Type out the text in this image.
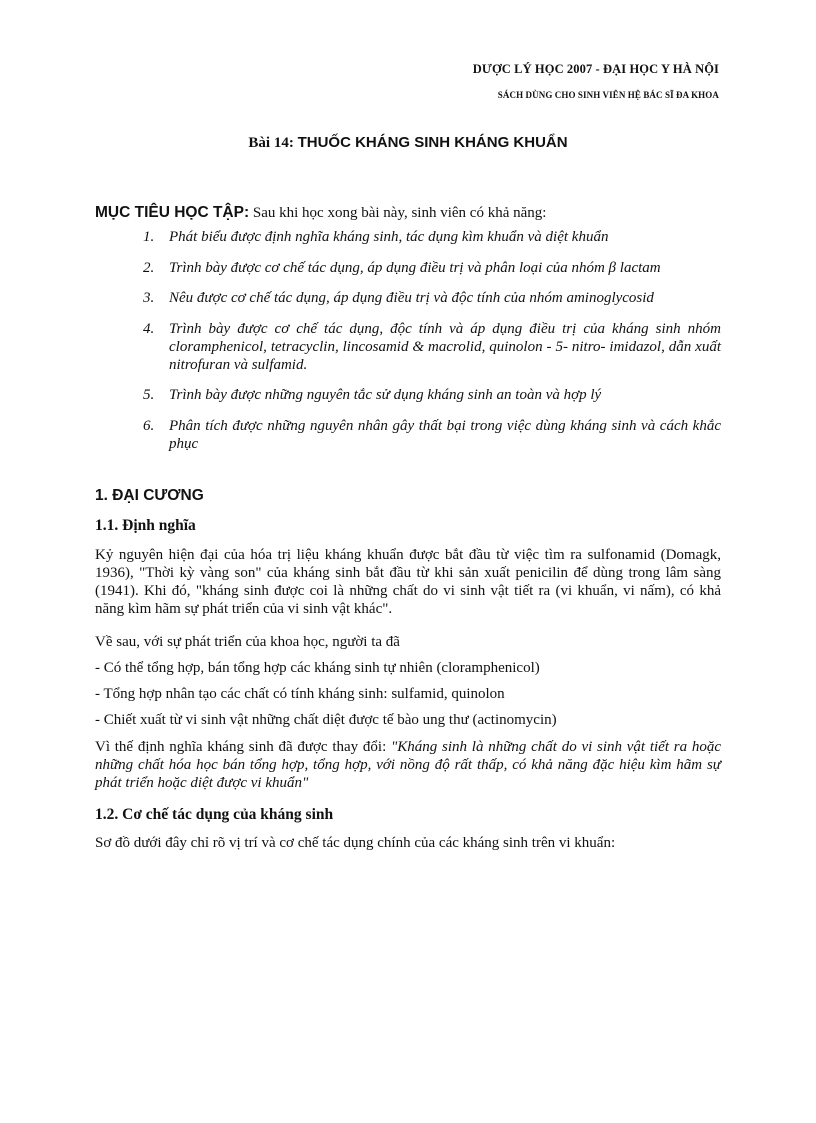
DƯỢC LÝ HỌC 2007 - ĐẠI HỌC Y HÀ NỘI
SÁCH DÙNG CHO SINH VIÊN HỆ BÁC SĨ ĐA KHOA
Bài 14: THUỐC KHÁNG SINH KHÁNG KHUẨN
MỤC TIÊU HỌC TẬP: Sau khi học xong bài này, sinh viên có khả năng:
1. Phát biểu được định nghĩa kháng sinh, tác dụng kìm khuẩn và diệt khuẩn
2. Trình bày được cơ chế tác dụng, áp dụng điều trị và phân loại của nhóm β lactam
3. Nêu được cơ chế tác dụng, áp dụng điều trị và độc tính của nhóm aminoglycosid
4. Trình bày được cơ chế tác dụng, độc tính và áp dụng điều trị của kháng sinh nhóm cloramphenicol, tetracyclin, lincosamid & macrolid, quinolon - 5- nitro- imidazol, dẫn xuất nitrofuran và sulfamid.
5. Trình bày được những nguyên tắc sử dụng kháng sinh an toàn và hợp lý
6. Phân tích được những nguyên nhân gây thất bại trong việc dùng kháng sinh và cách khắc phục
1. ĐẠI CƯƠNG
1.1. Định nghĩa
Kỷ nguyên hiện đại của hóa trị liệu kháng khuẩn được bắt đầu từ việc tìm ra sulfonamid (Domagk, 1936), "Thời kỳ vàng son" của kháng sinh bắt đầu từ khi sản xuất penicilin để dùng trong lâm sàng (1941). Khi đó, "kháng sinh được coi là những chất do vi sinh vật tiết ra (vi khuẩn, vi nấm), có khả năng kìm hãm sự phát triển của vi sinh vật khác".
Về sau, với sự phát triển của khoa học, người ta đã
- Có thể tổng hợp, bán tổng hợp các kháng sinh tự nhiên (cloramphenicol)
- Tổng hợp nhân tạo các chất có tính kháng sinh: sulfamid, quinolon
- Chiết xuất từ vi sinh vật những chất diệt được tế bào ung thư (actinomycin)
Vì thế định nghĩa kháng sinh đã được thay đổi: "Kháng sinh là những chất do vi sinh vật tiết ra hoặc những chất hóa học bán tổng hợp, tổng hợp, với nồng độ rất thấp, có khả năng đặc hiệu kìm hãm sự phát triển hoặc diệt được vi khuẩn"
1.2. Cơ chế tác dụng của kháng sinh
Sơ đồ dưới đây chỉ rõ vị trí và cơ chế tác dụng chính của các kháng sinh trên vi khuẩn:
